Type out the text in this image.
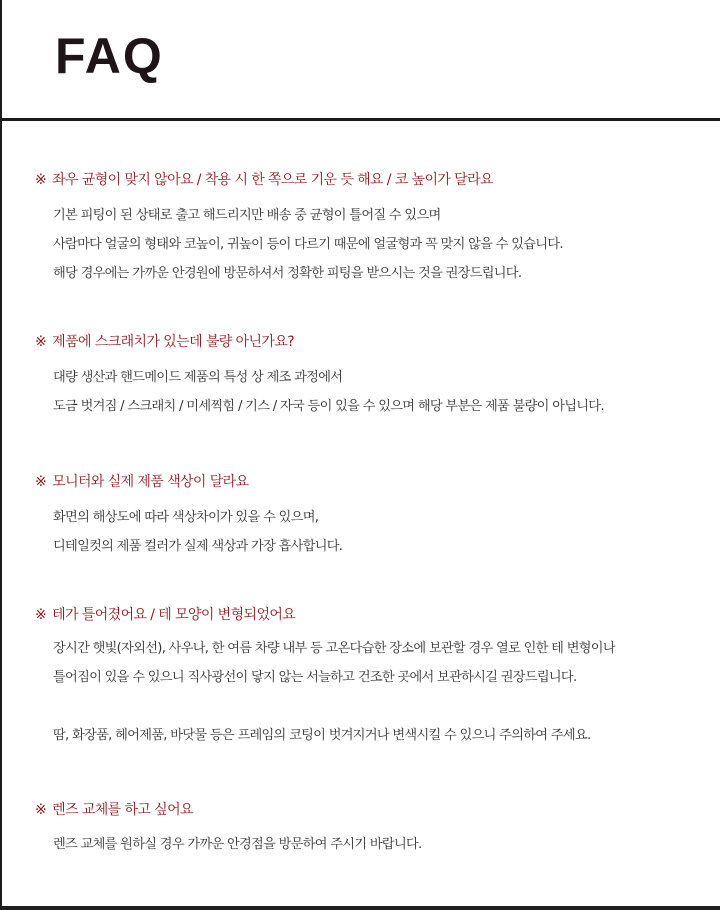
FAQ
※ 좌우 균형이 맞지 않아요 / 착용 시 한 쪽으로 기운 듯 해요 / 코 높이가 달라요
기본 피팅이 된 상태로 출고 해드리지만 배송 중 균형이 틀어질 수 있으며
사람마다 얼굴의 형태와 코높이, 귀높이 등이 다르기 때문에 얼굴형과 꼭 맞지 않을 수 있습니다.
해당 경우에는 가까운 안경원에 방문하셔서 정확한 피팅을 받으시는 것을 권장드립니다.
※ 제품에 스크래치가 있는데 불량 아닌가요?
대량 생산과 핸드메이드 제품의 특성 상 제조 과정에서
도금 벗겨짐 / 스크래치 / 미세찍힘 / 기스 / 자국 등이 있을 수 있으며 해당 부분은 제품 불량이 아닙니다.
※ 모니터와 실제 제품 색상이 달라요
화면의 해상도에 따라 색상차이가 있을 수 있으며,
디테일컷의 제품 컬러가 실제 색상과 가장 흡사합니다.
※ 테가 틀어졌어요 / 테 모양이 변형되었어요
장시간 햇빛(자외선), 사우나, 한 여름 차량 내부 등 고온다습한 장소에 보관할 경우 열로 인한 테 변형이나
틀어짐이 있을 수 있으니 직사광선이 닿지 않는 서늘하고 건조한 곳에서 보관하시길 권장드립니다.
땀, 화장품, 헤어제품, 바닷물 등은 프레임의 코팅이 벗겨지거나 변색시킬 수 있으니 주의하여 주세요.
※ 렌즈 교체를 하고 싶어요
렌즈 교체를 원하실 경우 가까운 안경점을 방문하여 주시기 바랍니다.
